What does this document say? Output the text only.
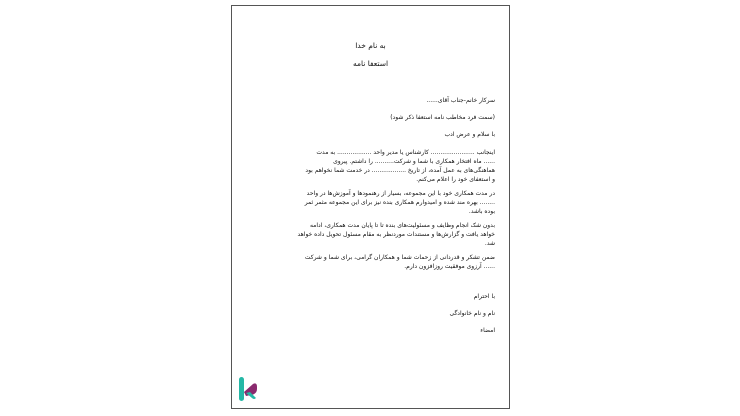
به نام خدا
استعفا نامه
سرکار خانم-جناب آقای......
(سمت فرد مخاطب نامه استعفا ذکر شود)
با سلام و عرض ادب
اینجانب ....................... کارشناس یا مدیر واحد .................. به مدت
...... ماه افتخار همکاری با شما و شرکت.......... را داشتم. پیروی
هماهنگی‌های به عمل آمده، از تاریخ .................. در خدمت شما نخواهم بود
و استعفای خود را اعلام می‌کنم.
در مدت همکاری خود با این مجموعه، بسیار از رهنمودها و آموزش‌ها در واحد
........ بهره مند شده و امیدوارم همکاری بنده نیز برای این مجموعه مثمر ثمر
بوده باشد.
بدون شک انجام وظایف و مسئولیت‌های بنده تا تا پایان مدت همکاری، ادامه
خواهد یافت و گزارش‌ها و مستندات موردنظر به مقام مسئول تحویل داده خواهد
شد.
ضمن تشکر و قدردانی از زحمات شما و همکاران گرامی، برای شما و شرکت
...... آرزوی موفقیت روزافزون دارم.
با احترام
نام و نام خانوادگی
امضاء
